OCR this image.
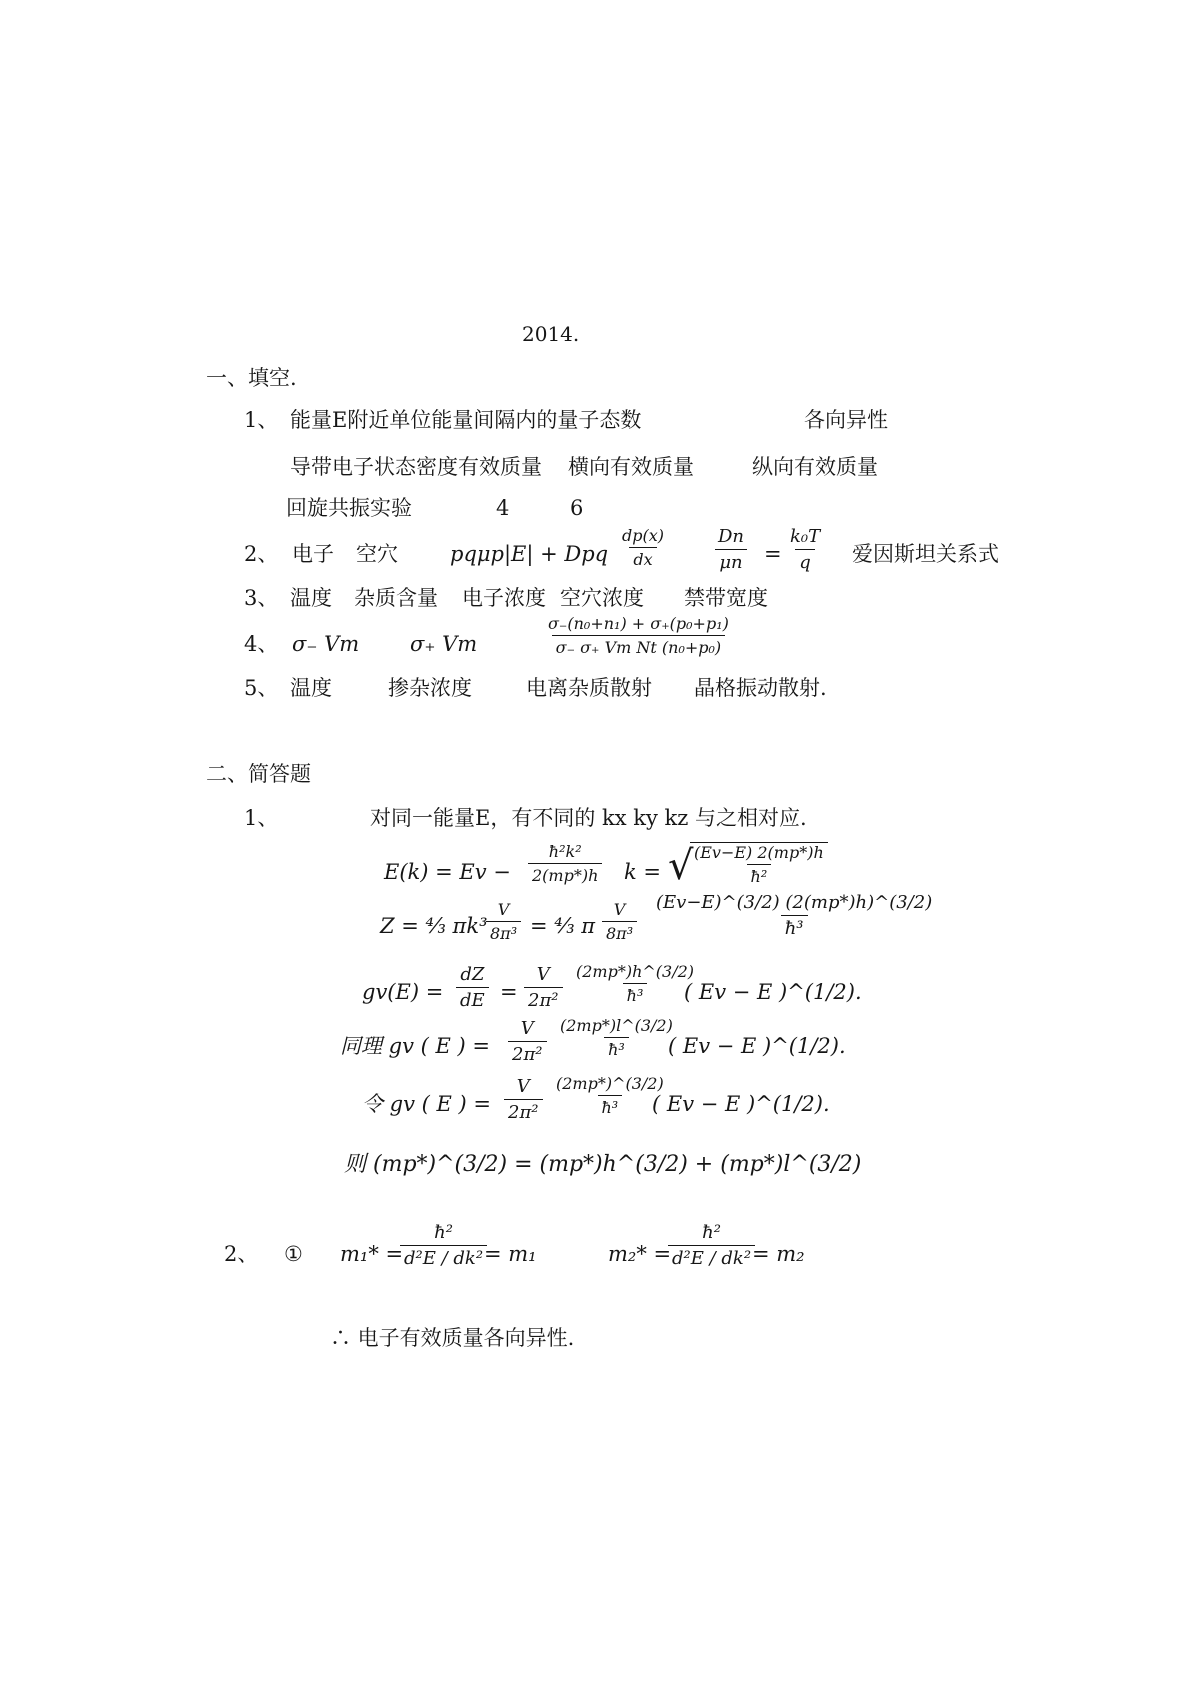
2014.
一、填空.
1、 能量E附近单位能量间隔内的量子态数	各向异性
导带电子状态密度有效质量 横向有效质量	纵向有效质量
回旋共振实验	4	6
2、 电子 空穴 pqμp|E| + Dpq $\frac{dp(x)}{dx}$	$\frac{Dn}{\mu n} = \frac{\text{k₀T}}{q}$ 爱因斯坦关系式
3、 温度 杂质含量 电子浓度 空穴浓度 禁带宽度
4、 σ₋ Vт σ₊ Vт
σ₋(n₀+n₁) + σ₊(p₀+p₁)
σ₋ σ₊ Vт Nt (n₀+p₀)
5、 温度	掺杂浓度	电离杂质散射 晶格振动散射.
二、简答题
1、	对同一能量E，有不同的 kx ky kz 与之相对应.
$E(k) = Ev - \frac{\text{ħ²k²}}{2(mp*)h}$ k = √
$\frac{(Ev-E) 2(mp*)h}{\text{ħ²}}$
Z = ⁴⁄₃ πk³
$\frac{V}{\text{8π³}}$ = ⁴⁄₃ π $\frac{V}{\text{8π³}} \frac{(Ev-E)\^{}(3/2) (2(mp*)h)\^{}(3/2)}{\text{ħ³}}$
$gv(E) = \frac{dZ}{dE} = \frac{V}{\text{2π²}} \frac{(2mp*)h\^{}(3/2)}{\text{ħ³}}$
( Ev − E )^(1/2).
同理 gv ( E ) = $\frac{V}{\text{2π²}} \frac{(2mp*)l\^{}(3/2)}{\text{ħ³}}$
( Ev − E )^(1/2).
令 gv ( E ) = $\frac{V}{\text{2π²}} \frac{(2mp*)\^{}(3/2)}{\text{ħ³}}$
( Ev − E )^(1/2).
则 (mp*)^(3/2) = (mp*)h^(3/2) + (mp*)l^(3/2)
2、 ① m₁* =
$\frac{\text{ħ²}}{\text{d²E / dk²}}$
= m₁	m₂* =
$\frac{\text{ħ²}}{\text{d²E / dk²}}$
= m₂
∴ 电子有效质量各向异性.
